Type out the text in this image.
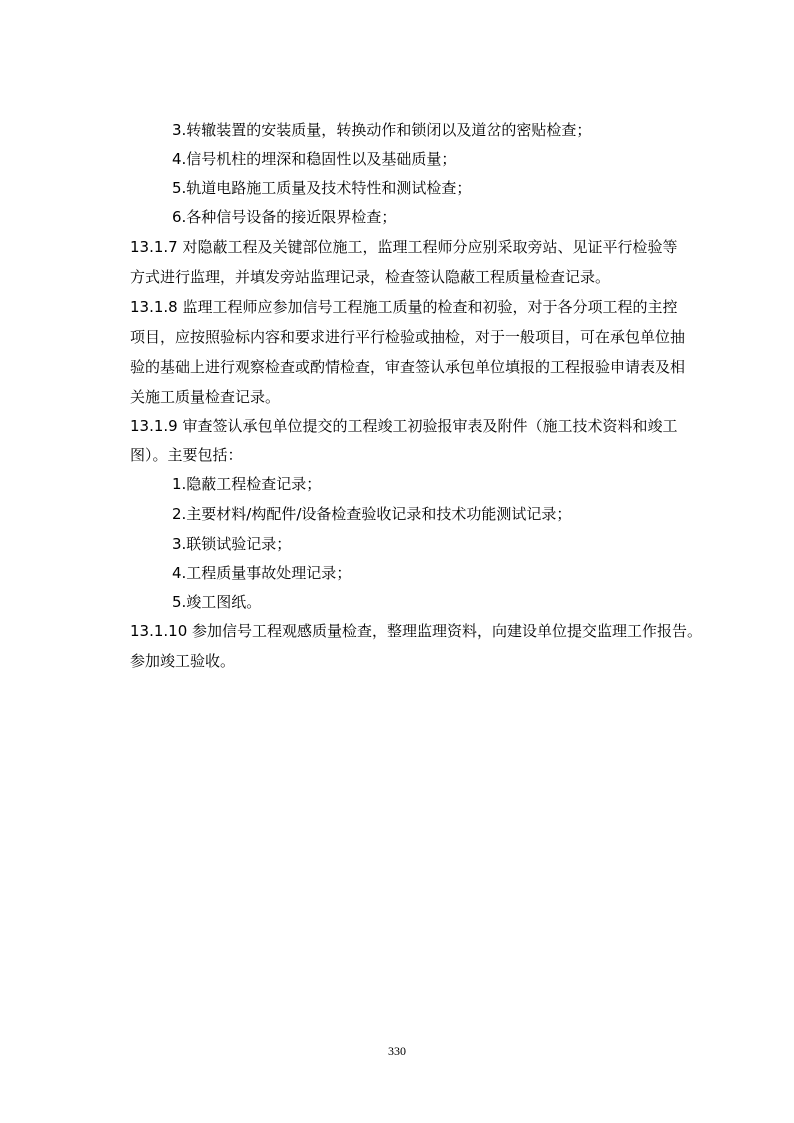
3.转辙装置的安装质量，转换动作和锁闭以及道岔的密贴检查；
4.信号机柱的埋深和稳固性以及基础质量；
5.轨道电路施工质量及技术特性和测试检查；
6.各种信号设备的接近限界检查；
13.1.7 对隐蔽工程及关键部位施工，监理工程师分应别采取旁站、见证平行检验等
方式进行监理，并填发旁站监理记录，检查签认隐蔽工程质量检查记录。
13.1.8 监理工程师应参加信号工程施工质量的检查和初验，对于各分项工程的主控
项目，应按照验标内容和要求进行平行检验或抽检，对于一般项目，可在承包单位抽
验的基础上进行观察检查或酌情检查，审查签认承包单位填报的工程报验申请表及相
关施工质量检查记录。
13.1.9 审查签认承包单位提交的工程竣工初验报审表及附件（施工技术资料和竣工
图）。主要包括：
1.隐蔽工程检查记录；
2.主要材料/构配件/设备检查验收记录和技术功能测试记录；
3.联锁试验记录；
4.工程质量事故处理记录；
5.竣工图纸。
13.1.10 参加信号工程观感质量检查，整理监理资料，向建设单位提交监理工作报告。
参加竣工验收。
330
